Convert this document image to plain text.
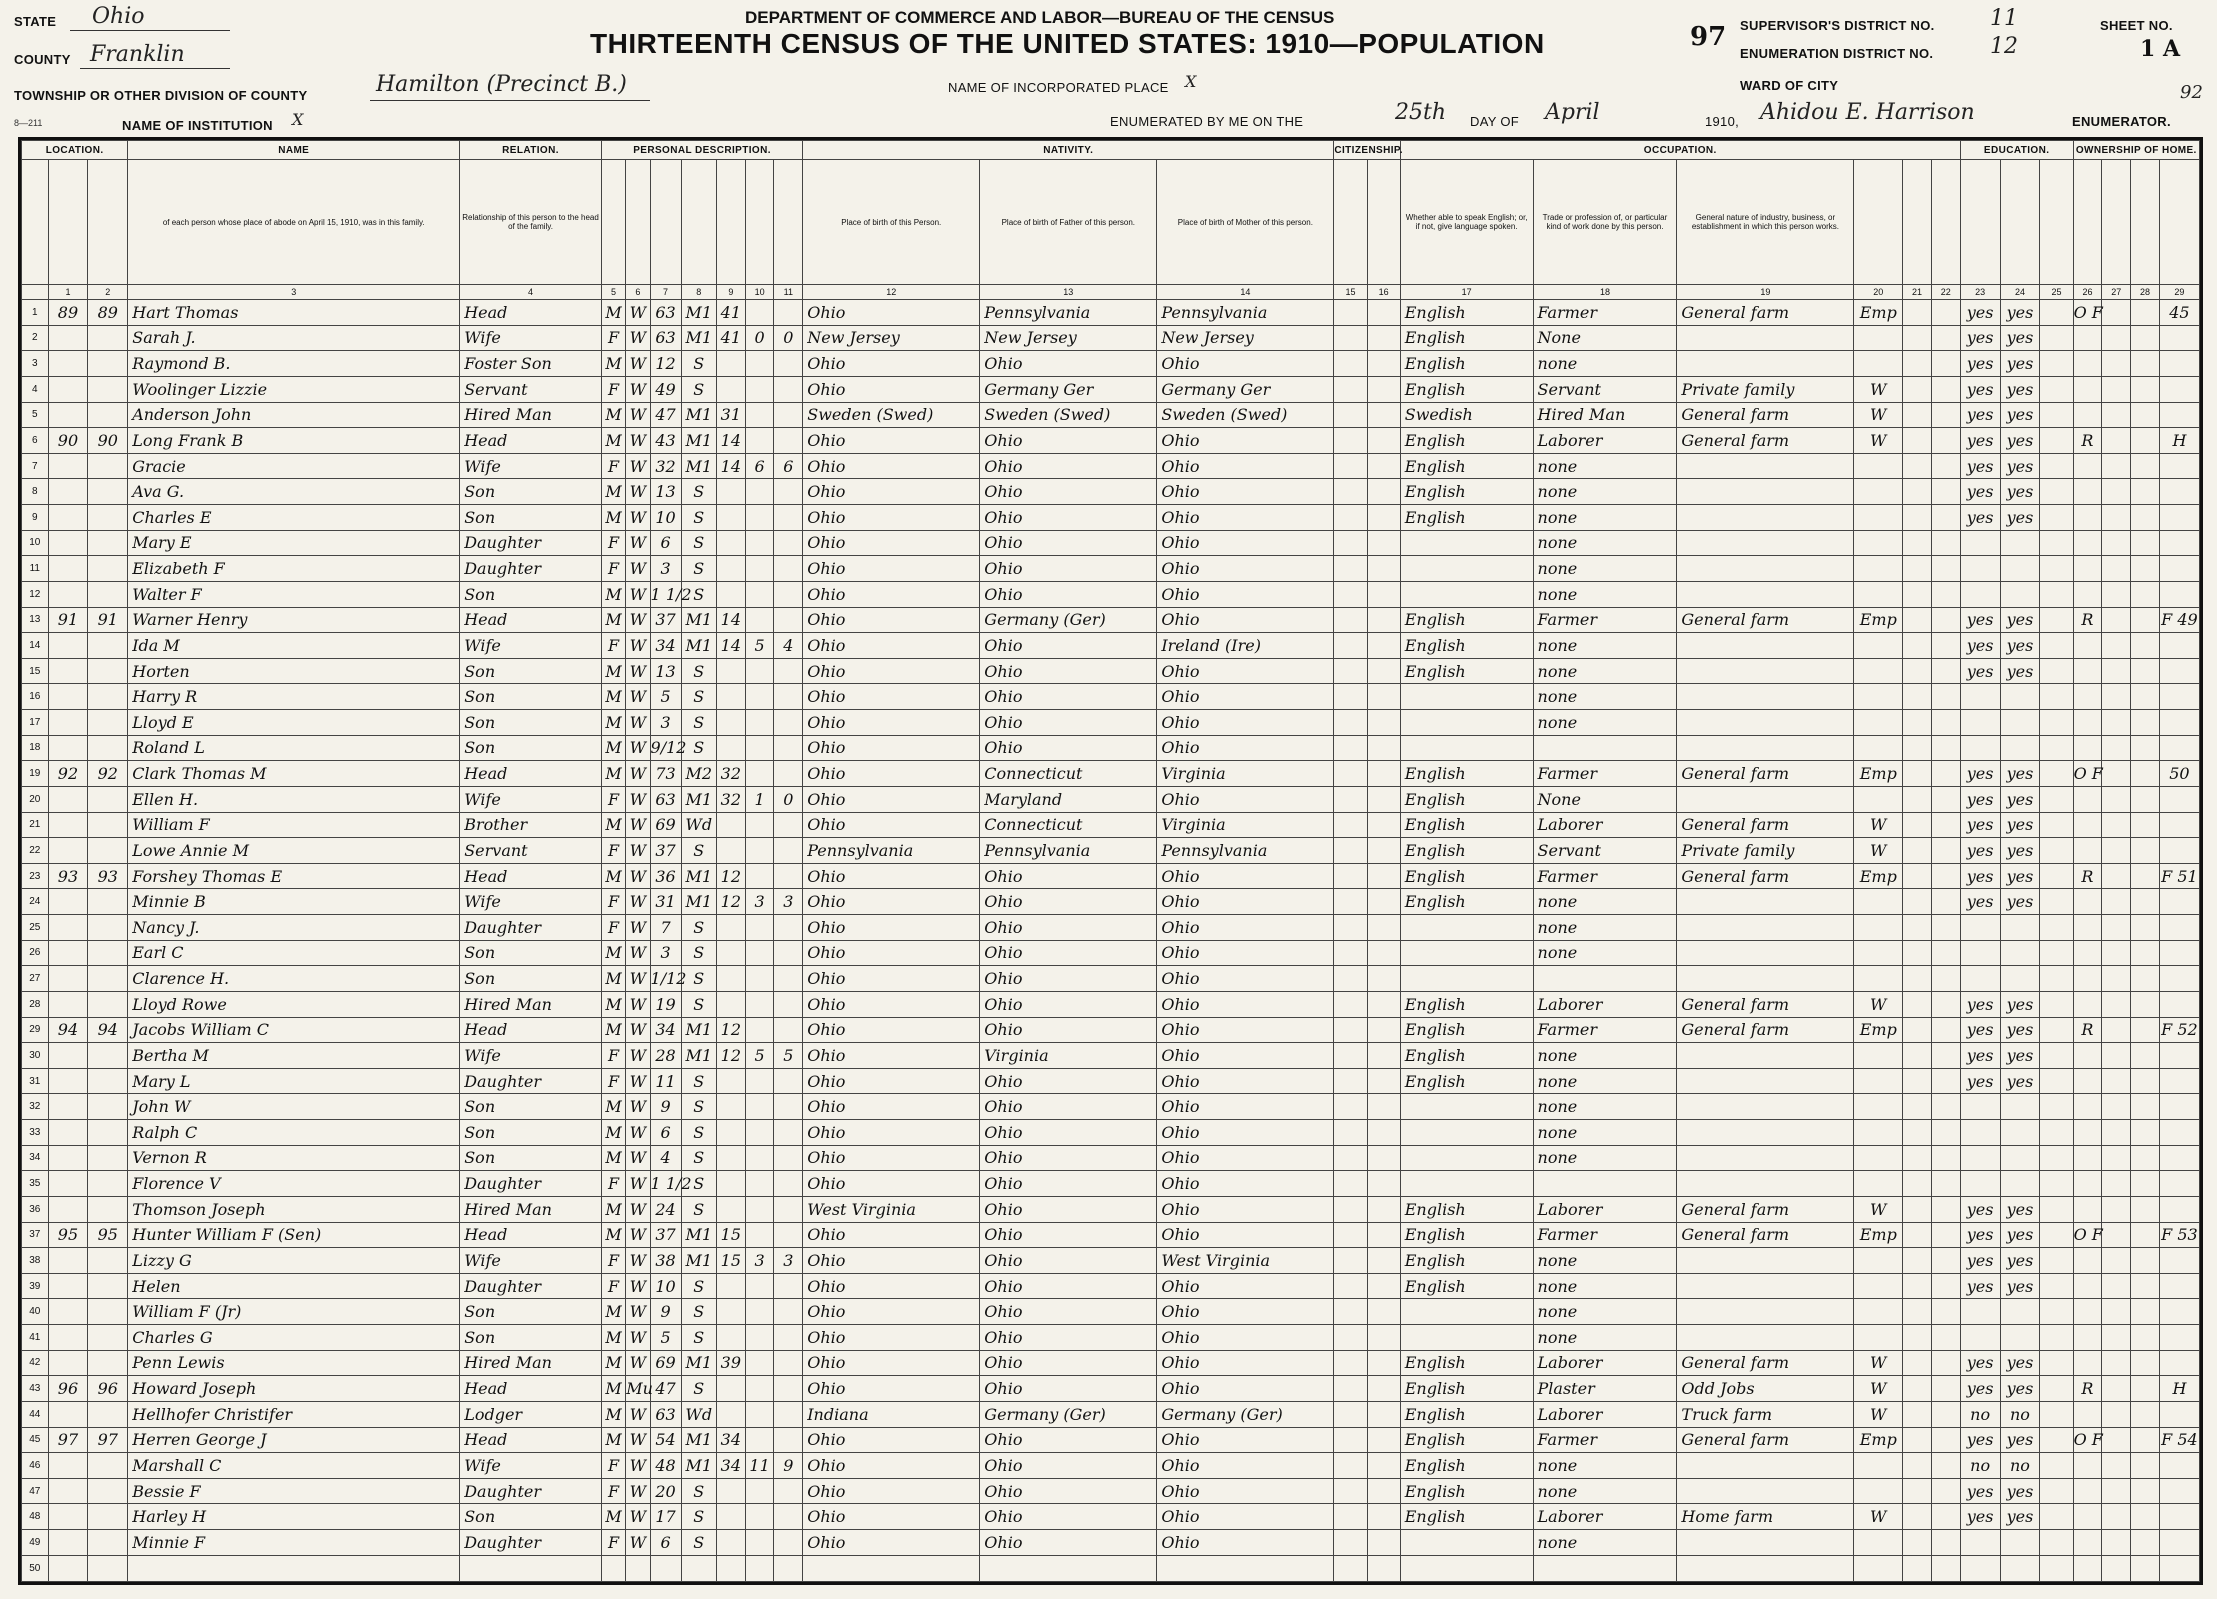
STATE Ohio
COUNTY Franklin
TOWNSHIP OR OTHER DIVISION OF COUNTY	Hamilton (Precinct B.)
8—211	NAME OF INSTITUTION X
DEPARTMENT OF COMMERCE AND LABOR—BUREAU OF THE CENSUS
THIRTEENTH CENSUS OF THE UNITED STATES: 1910—POPULATION
NAME OF INCORPORATED PLACE X
ENUMERATED BY ME ON THE	25th DAY OF April	1910, Ahidou E. Harrison	ENUMERATOR.
97 SUPERVISOR'S DISTRICT NO.	11
ENUMERATION DISTRICT NO.	12
WARD OF CITY
SHEET NO.
1 A
92
LOCATION.			NAME	RELATION.	PERSONAL DESCRIPTION.							NATIVITY.			CITIZENSHIP.		OCCUPATION.						EDUCATION.			OWNERSHIP OF HOME.			
			of each person whose place of abode on April 15, 1910, was in this family.	Relationship of this person to the head of the family.								Place of birth of this Person.	Place of birth of Father of this person.	Place of birth of Mother of this person.			Whether able to speak English; or, if not, give language spoken.	Trade or profession of, or particular kind of work done by this person.	General nature of industry, business, or establishment in which this person works.										
	1	2	3	4	5	6	7	8	9	10	11	12	13	14	15	16	17	18	19	20	21	22	23	24	25	26	27	28	29
1	89	89	Hart Thomas	Head	M	W	63	M1	41			Ohio	Pennsylvania	Pennsylvania			English	Farmer	General farm	Emp			yes	yes		O F			45
2			Sarah J.	Wife	F	W	63	M1	41	0	0	New Jersey	New Jersey	New Jersey			English	None					yes	yes					
3			Raymond B.	Foster Son	M	W	12	S				Ohio	Ohio	Ohio			English	none					yes	yes					
4			Woolinger Lizzie	Servant	F	W	49	S				Ohio	Germany Ger	Germany Ger			English	Servant	Private family	W			yes	yes					
5			Anderson John	Hired Man	M	W	47	M1	31			Sweden (Swed)	Sweden (Swed)	Sweden (Swed)			Swedish	Hired Man	General farm	W			yes	yes					
6	90	90	Long Frank B	Head	M	W	43	M1	14			Ohio	Ohio	Ohio			English	Laborer	General farm	W			yes	yes		R			H
7			Gracie	Wife	F	W	32	M1	14	6	6	Ohio	Ohio	Ohio			English	none					yes	yes					
8			Ava G.	Son	M	W	13	S				Ohio	Ohio	Ohio			English	none					yes	yes					
9			Charles E	Son	M	W	10	S				Ohio	Ohio	Ohio			English	none					yes	yes					
10			Mary E	Daughter	F	W	6	S				Ohio	Ohio	Ohio				none											
11			Elizabeth F	Daughter	F	W	3	S				Ohio	Ohio	Ohio				none											
12			Walter F	Son	M	W	1 1/2	S				Ohio	Ohio	Ohio				none											
13	91	91	Warner Henry	Head	M	W	37	M1	14			Ohio	Germany (Ger)	Ohio			English	Farmer	General farm	Emp			yes	yes		R			F 49
14			Ida M	Wife	F	W	34	M1	14	5	4	Ohio	Ohio	Ireland (Ire)			English	none					yes	yes					
15			Horten	Son	M	W	13	S				Ohio	Ohio	Ohio			English	none					yes	yes					
16			Harry R	Son	M	W	5	S				Ohio	Ohio	Ohio				none											
17			Lloyd E	Son	M	W	3	S				Ohio	Ohio	Ohio				none											
18			Roland L	Son	M	W	9/12	S				Ohio	Ohio	Ohio															
19	92	92	Clark Thomas M	Head	M	W	73	M2	32			Ohio	Connecticut	Virginia			English	Farmer	General farm	Emp			yes	yes		O F			50
20			Ellen H.	Wife	F	W	63	M1	32	1	0	Ohio	Maryland	Ohio			English	None					yes	yes					
21			William F	Brother	M	W	69	Wd				Ohio	Connecticut	Virginia			English	Laborer	General farm	W			yes	yes					
22			Lowe Annie M	Servant	F	W	37	S				Pennsylvania	Pennsylvania	Pennsylvania			English	Servant	Private family	W			yes	yes					
23	93	93	Forshey Thomas E	Head	M	W	36	M1	12			Ohio	Ohio	Ohio			English	Farmer	General farm	Emp			yes	yes		R			F 51
24			Minnie B	Wife	F	W	31	M1	12	3	3	Ohio	Ohio	Ohio			English	none					yes	yes					
25			Nancy J.	Daughter	F	W	7	S				Ohio	Ohio	Ohio				none											
26			Earl C	Son	M	W	3	S				Ohio	Ohio	Ohio				none											
27			Clarence H.	Son	M	W	1/12	S				Ohio	Ohio	Ohio															
28			Lloyd Rowe	Hired Man	M	W	19	S				Ohio	Ohio	Ohio			English	Laborer	General farm	W			yes	yes					
29	94	94	Jacobs William C	Head	M	W	34	M1	12			Ohio	Ohio	Ohio			English	Farmer	General farm	Emp			yes	yes		R			F 52
30			Bertha M	Wife	F	W	28	M1	12	5	5	Ohio	Virginia	Ohio			English	none					yes	yes					
31			Mary L	Daughter	F	W	11	S				Ohio	Ohio	Ohio			English	none					yes	yes					
32			John W	Son	M	W	9	S				Ohio	Ohio	Ohio				none											
33			Ralph C	Son	M	W	6	S				Ohio	Ohio	Ohio				none											
34			Vernon R	Son	M	W	4	S				Ohio	Ohio	Ohio				none											
35			Florence V	Daughter	F	W	1 1/2	S				Ohio	Ohio	Ohio															
36			Thomson Joseph	Hired Man	M	W	24	S				West Virginia	Ohio	Ohio			English	Laborer	General farm	W			yes	yes					
37	95	95	Hunter William F (Sen)	Head	M	W	37	M1	15			Ohio	Ohio	Ohio			English	Farmer	General farm	Emp			yes	yes		O F			F 53
38			Lizzy G	Wife	F	W	38	M1	15	3	3	Ohio	Ohio	West Virginia			English	none					yes	yes					
39			Helen	Daughter	F	W	10	S				Ohio	Ohio	Ohio			English	none					yes	yes					
40			William F (Jr)	Son	M	W	9	S				Ohio	Ohio	Ohio				none											
41			Charles G	Son	M	W	5	S				Ohio	Ohio	Ohio				none											
42			Penn Lewis	Hired Man	M	W	69	M1	39			Ohio	Ohio	Ohio			English	Laborer	General farm	W			yes	yes					
43	96	96	Howard Joseph	Head	M	Mu	47	S				Ohio	Ohio	Ohio			English	Plaster	Odd Jobs	W			yes	yes		R			H
44			Hellhofer Christifer	Lodger	M	W	63	Wd				Indiana	Germany (Ger)	Germany (Ger)			English	Laborer	Truck farm	W			no	no					
45	97	97	Herren George J	Head	M	W	54	M1	34			Ohio	Ohio	Ohio			English	Farmer	General farm	Emp			yes	yes		O F			F 54
46			Marshall C	Wife	F	W	48	M1	34	11	9	Ohio	Ohio	Ohio			English	none					no	no					
47			Bessie F	Daughter	F	W	20	S				Ohio	Ohio	Ohio			English	none					yes	yes					
48			Harley H	Son	M	W	17	S				Ohio	Ohio	Ohio			English	Laborer	Home farm	W			yes	yes					
49			Minnie F	Daughter	F	W	6	S				Ohio	Ohio	Ohio				none											
50																													
